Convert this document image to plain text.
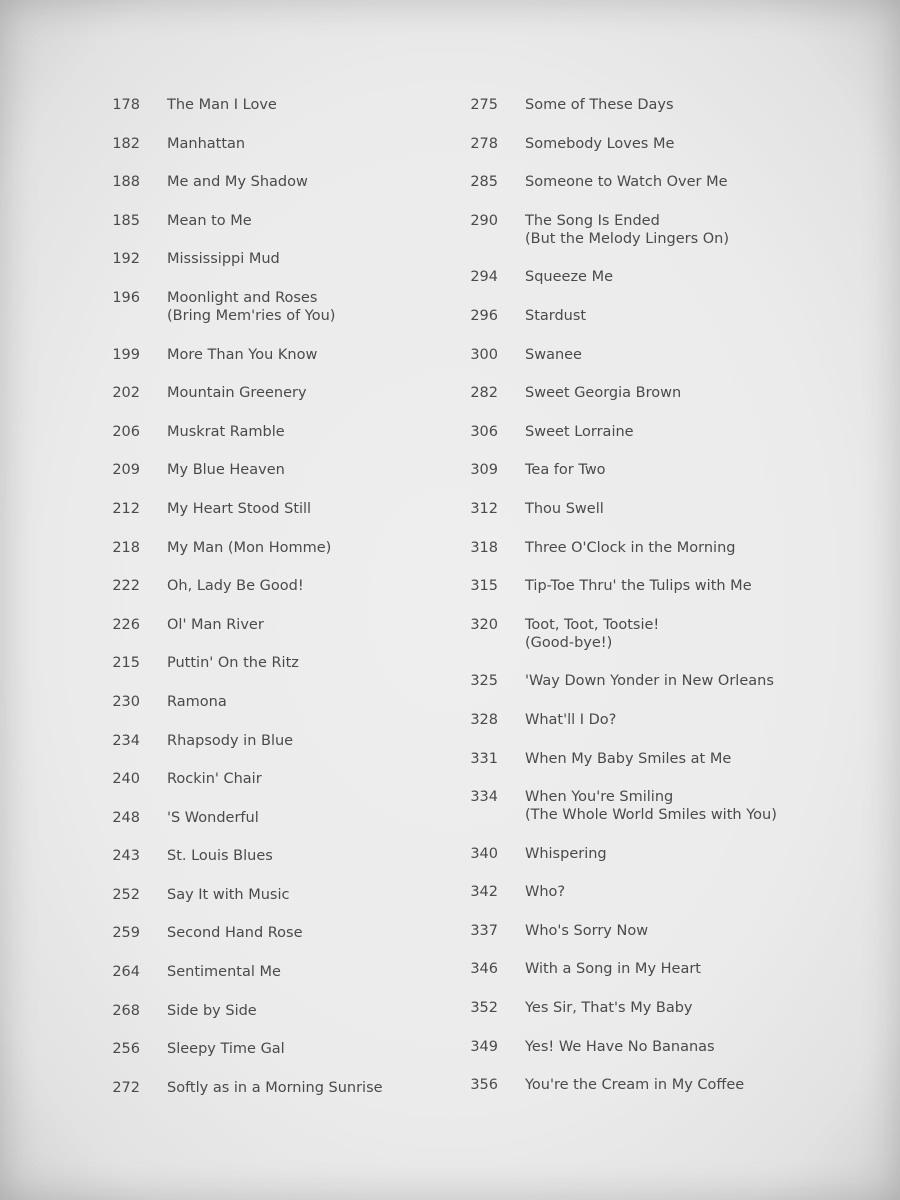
178 The Man I Love
182 Manhattan
188 Me and My Shadow
185 Mean to Me
192 Mississippi Mud
196 Moonlight and Roses
(Bring Mem'ries of You)
199 More Than You Know
202 Mountain Greenery
206 Muskrat Ramble
209 My Blue Heaven
212 My Heart Stood Still
218 My Man (Mon Homme)
222 Oh, Lady Be Good!
226 Ol' Man River
215 Puttin' On the Ritz
230 Ramona
234 Rhapsody in Blue
240 Rockin' Chair
248 'S Wonderful
243 St. Louis Blues
252 Say It with Music
259 Second Hand Rose
264 Sentimental Me
268 Side by Side
256 Sleepy Time Gal
272 Softly as in a Morning Sunrise
275 Some of These Days
278 Somebody Loves Me
285 Someone to Watch Over Me
290 The Song Is Ended
(But the Melody Lingers On)
294 Squeeze Me
296 Stardust
300 Swanee
282 Sweet Georgia Brown
306 Sweet Lorraine
309 Tea for Two
312 Thou Swell
318 Three O'Clock in the Morning
315 Tip-Toe Thru' the Tulips with Me
320 Toot, Toot, Tootsie!
(Good-bye!)
325 'Way Down Yonder in New Orleans
328 What'll I Do?
331 When My Baby Smiles at Me
334 When You're Smiling
(The Whole World Smiles with You)
340 Whispering
342 Who?
337 Who's Sorry Now
346 With a Song in My Heart
352 Yes Sir, That's My Baby
349 Yes! We Have No Bananas
356 You're the Cream in My Coffee
